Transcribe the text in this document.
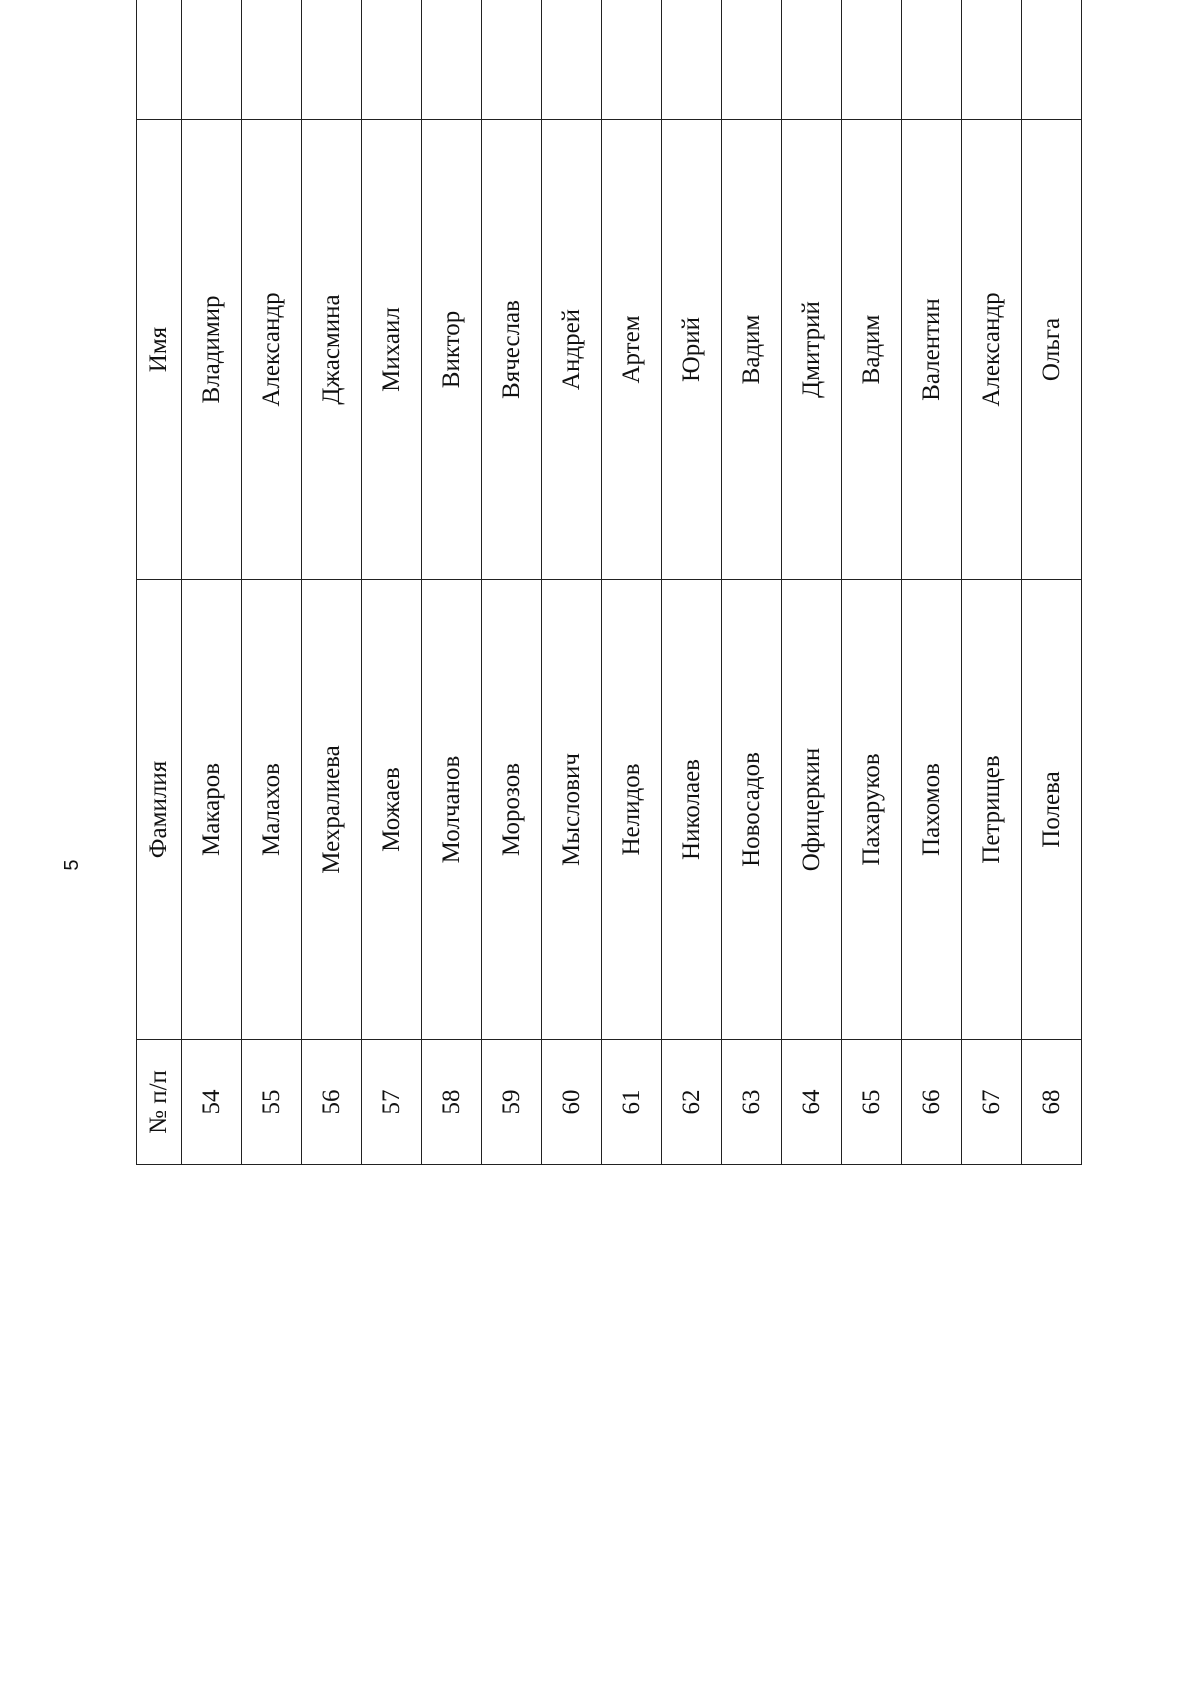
5
№ п/п	Фамилия	Имя	
54	Макаров	Владимир	
55	Малахов	Александр	
56	Мехралиева	Джасмина	
57	Можаев	Михаил	
58	Молчанов	Виктор	
59	Морозов	Вячеслав	
60	Мыслович	Андрей	
61	Нелидов	Артем	
62	Николаев	Юрий	
63	Новосадов	Вадим	
64	Офицеркин	Дмитрий	
65	Пахаруков	Вадим	
66	Пахомов	Валентин	
67	Петрищев	Александр	
68	Полева	Ольга	
